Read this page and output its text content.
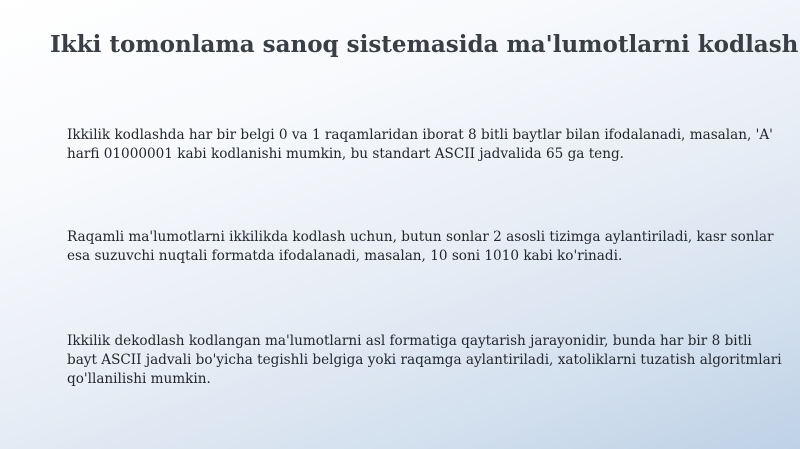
Ikki tomonlama sanoq sistemasida ma'lumotlarni kodlash

Ikkilik kodlashda har bir belgi 0 va 1 raqamlaridan iborat 8 bitli baytlar bilan ifodalanadi, masalan, 'A' harfi 01000001 kabi kodlanishi mumkin, bu standart ASCII jadvalida 65 ga teng.

Raqamli ma'lumotlarni ikkilikda kodlash uchun, butun sonlar 2 asosli tizimga aylantiriladi, kasr sonlar esa suzuvchi nuqtali formatda ifodalanadi, masalan, 10 soni 1010 kabi ko'rinadi.

Ikkilik dekodlash kodlangan ma'lumotlarni asl formatiga qaytarish jarayonidir, bunda har bir 8 bitli bayt ASCII jadvali bo'yicha tegishli belgiga yoki raqamga aylantiriladi, xatoliklarni tuzatish algoritmlari qo'llanilishi mumkin.
